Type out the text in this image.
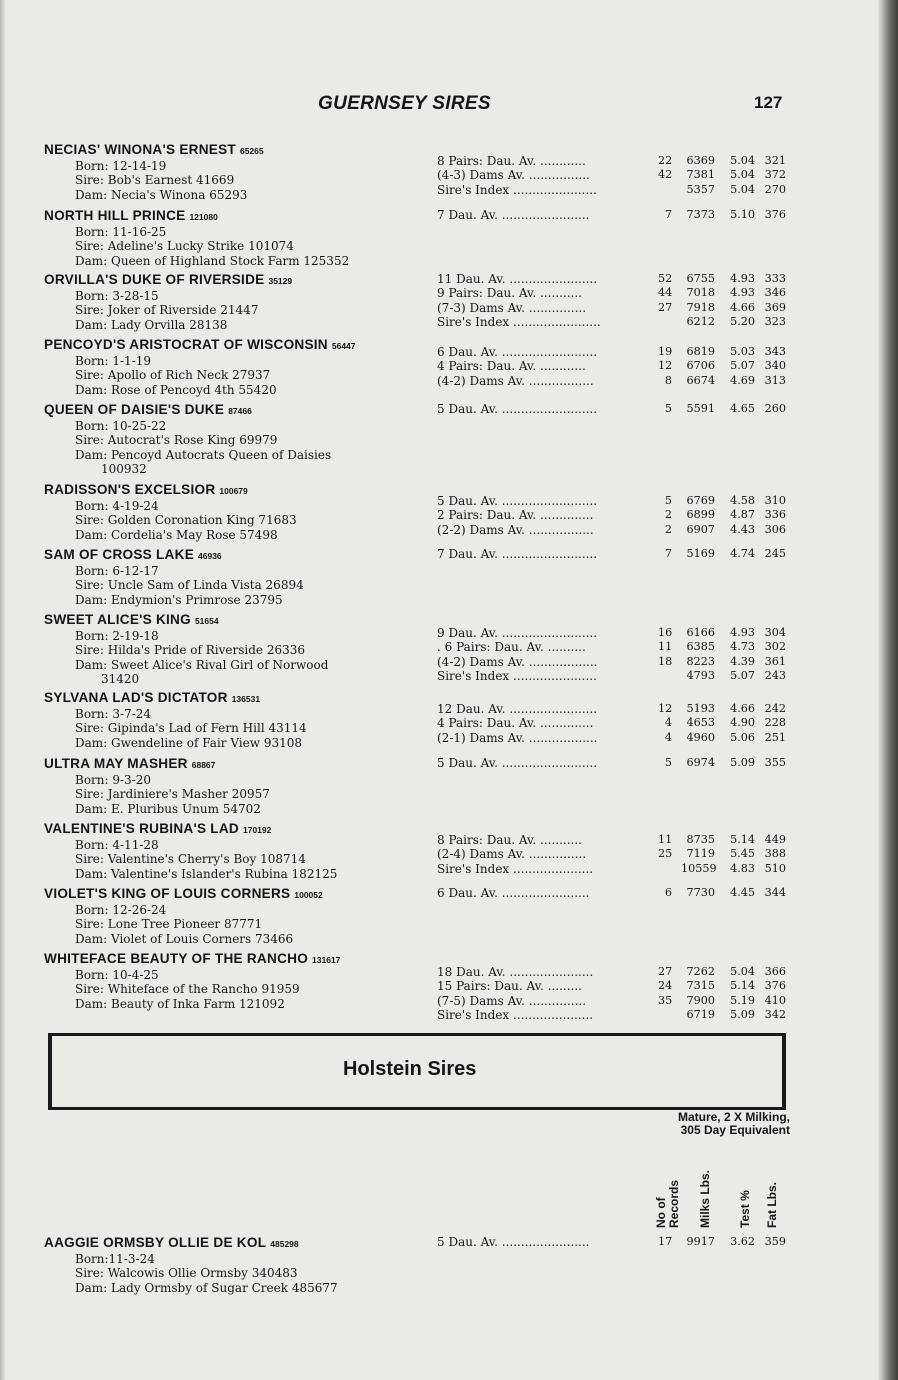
GUERNSEY SIRES	127
NECIAS' WINONA'S ERNEST 65265
Born: 12-14-19
Sire: Bob's Earnest 41669
Dam: Necia's Winona 65293
8 Pairs: Dau. Av. ............	22	6369	5.04 321
(4-3) Dams Av. ................	42	7381	5.04 372
Sire's Index ......................	5357	5.04 270
NORTH HILL PRINCE 121080
Born: 11-16-25
Sire: Adeline's Lucky Strike 101074
Dam: Queen of Highland Stock Farm 125352
7 Dau. Av. .......................	7	7373	5.10 376
ORVILLA'S DUKE OF RIVERSIDE 35129
Born: 3-28-15
Sire: Joker of Riverside 21447
Dam: Lady Orvilla 28138
11 Dau. Av. .......................	52	6755	4.93 333
9 Pairs: Dau. Av. ...........	44	7018	4.93 346
(7-3) Dams Av. ...............	27	7918	4.66 369
Sire's Index .......................	6212	5.20 323
PENCOYD'S ARISTOCRAT OF WISCONSIN 56447
Born: 1-1-19
Sire: Apollo of Rich Neck 27937
Dam: Rose of Pencoyd 4th 55420
6 Dau. Av. .........................	19	6819	5.03 343
4 Pairs: Dau. Av. ............	12	6706	5.07 340
(4-2) Dams Av. .................	8	6674	4.69 313
QUEEN OF DAISIE'S DUKE 87466
Born: 10-25-22
Sire: Autocrat's Rose King 69979
Dam: Pencoyd Autocrats Queen of Daisies
100932
5 Dau. Av. .........................	5	5591	4.65 260
RADISSON'S EXCELSIOR 100679
Born: 4-19-24
Sire: Golden Coronation King 71683
Dam: Cordelia's May Rose 57498
5 Dau. Av. .........................	5	6769	4.58 310
2 Pairs: Dau. Av. ..............	2	6899	4.87 336
(2-2) Dams Av. .................	2	6907	4.43 306
SAM OF CROSS LAKE 46936
Born: 6-12-17
Sire: Uncle Sam of Linda Vista 26894
Dam: Endymion's Primrose 23795
7 Dau. Av. .........................	7	5169	4.74 245
SWEET ALICE'S KING 51654
Born: 2-19-18
Sire: Hilda's Pride of Riverside 26336
Dam: Sweet Alice's Rival Girl of Norwood
31420
9 Dau. Av. .........................	16	6166	4.93 304
. 6 Pairs: Dau. Av. ..........	11	6385	4.73 302
(4-2) Dams Av. ..................	18	8223	4.39 361
Sire's Index ......................	4793	5.07 243
SYLVANA LAD'S DICTATOR 136531
Born: 3-7-24
Sire: Gipinda's Lad of Fern Hill 43114
Dam: Gwendeline of Fair View 93108
12 Dau. Av. .......................	12	5193	4.66 242
4 Pairs: Dau. Av. ..............	4	4653	4.90 228
(2-1) Dams Av. ..................	4	4960	5.06 251
ULTRA MAY MASHER 68867
Born: 9-3-20
Sire: Jardiniere's Masher 20957
Dam: E. Pluribus Unum 54702
5 Dau. Av. .........................	5	6974	5.09 355
VALENTINE'S RUBINA'S LAD 170192
Born: 4-11-28
Sire: Valentine's Cherry's Boy 108714
Dam: Valentine's Islander's Rubina 182125
8 Pairs: Dau. Av. ...........	11	8735	5.14 449
(2-4) Dams Av. ...............	25	7119	5.45 388
Sire's Index .....................	10559	4.83 510
VIOLET'S KING OF LOUIS CORNERS 100052
Born: 12-26-24
Sire: Lone Tree Pioneer 87771
Dam: Violet of Louis Corners 73466
6 Dau. Av. .......................	6	7730	4.45 344
WHITEFACE BEAUTY OF THE RANCHO 131617
Born: 10-4-25
Sire: Whiteface of the Rancho 91959
Dam: Beauty of Inka Farm 121092
18 Dau. Av. ......................	27	7262	5.04 366
15 Pairs: Dau. Av. .........	24	7315	5.14 376
(7-5) Dams Av. ...............	35	7900	5.19 410
Sire's Index .....................	6719	5.09 342
Holstein Sires
Mature, 2 X Milking,
305 Day Equivalent
No of Records Milks Lbs. Test % Fat Lbs.
AAGGIE ORMSBY OLLIE DE KOL 485298
Born:11-3-24
Sire: Walcowis Ollie Ormsby 340483
Dam: Lady Ormsby of Sugar Creek 485677
5 Dau. Av. .......................	17	9917	3.62 359
